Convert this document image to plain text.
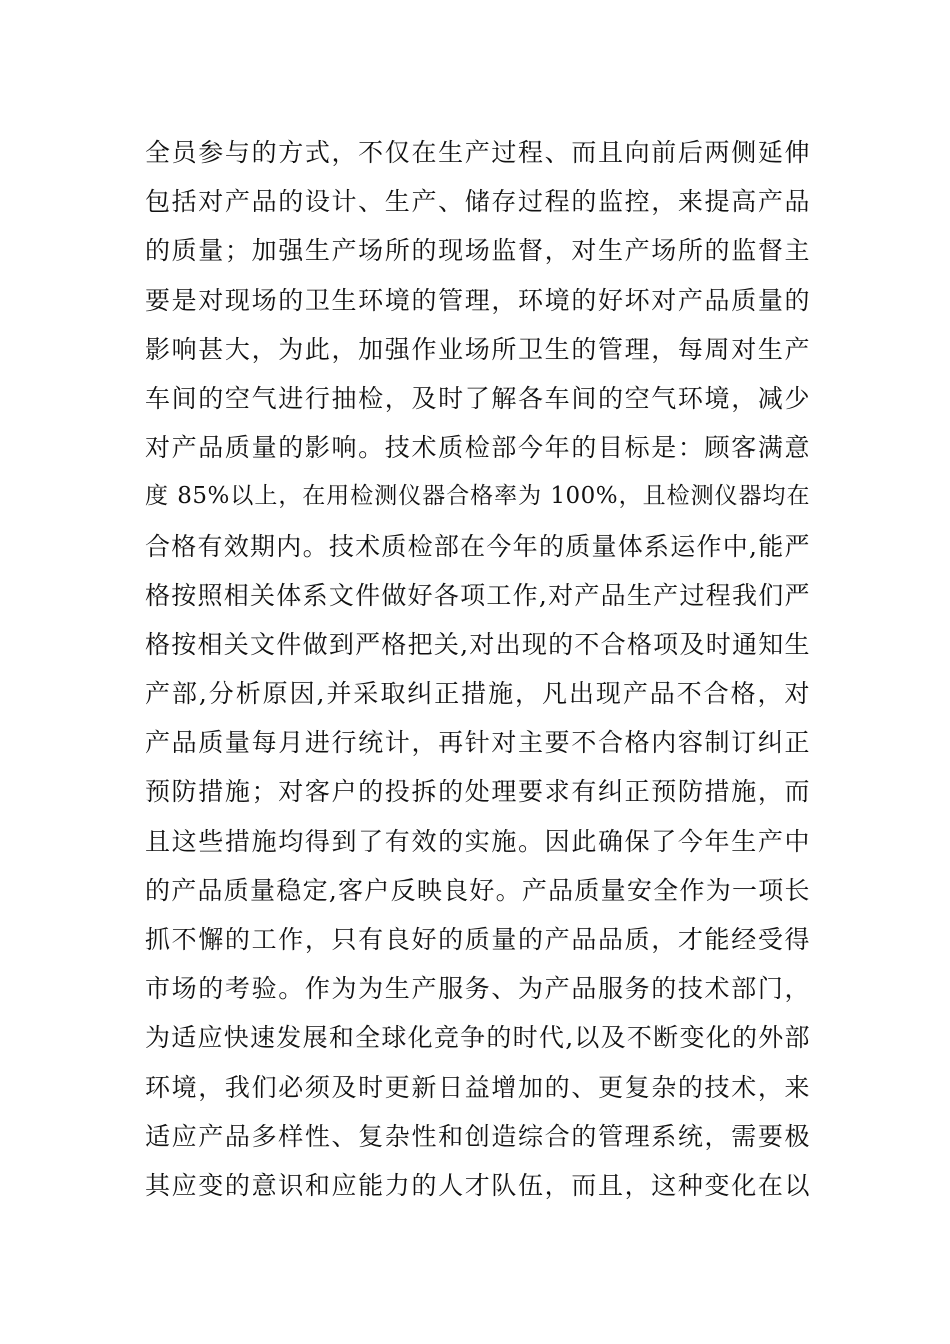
全员参与的方式，不仅在生产过程、而且向前后两侧延伸
包括对产品的设计、生产、储存过程的监控，来提高产品
的质量；加强生产场所的现场监督，对生产场所的监督主
要是对现场的卫生环境的管理，环境的好坏对产品质量的
影响甚大，为此，加强作业场所卫生的管理，每周对生产
车间的空气进行抽检，及时了解各车间的空气环境，减少
对产品质量的影响。技术质检部今年的目标是：顾客满意
度 85%以上，在用检测仪器合格率为 100%，且检测仪器均在
合格有效期内。技术质检部在今年的质量体系运作中,能严
格按照相关体系文件做好各项工作,对产品生产过程我们严
格按相关文件做到严格把关,对出现的不合格项及时通知生
产部,分析原因,并采取纠正措施，凡出现产品不合格，对
产品质量每月进行统计，再针对主要不合格内容制订纠正
预防措施；对客户的投拆的处理要求有纠正预防措施，而
且这些措施均得到了有效的实施。因此确保了今年生产中
的产品质量稳定,客户反映良好。产品质量安全作为一项长
抓不懈的工作，只有良好的质量的产品品质，才能经受得
市场的考验。作为为生产服务、为产品服务的技术部门，
为适应快速发展和全球化竞争的时代,以及不断变化的外部
环境，我们必须及时更新日益增加的、更复杂的技术，来
适应产品多样性、复杂性和创造综合的管理系统，需要极
其应变的意识和应能力的人才队伍，而且，这种变化在以
